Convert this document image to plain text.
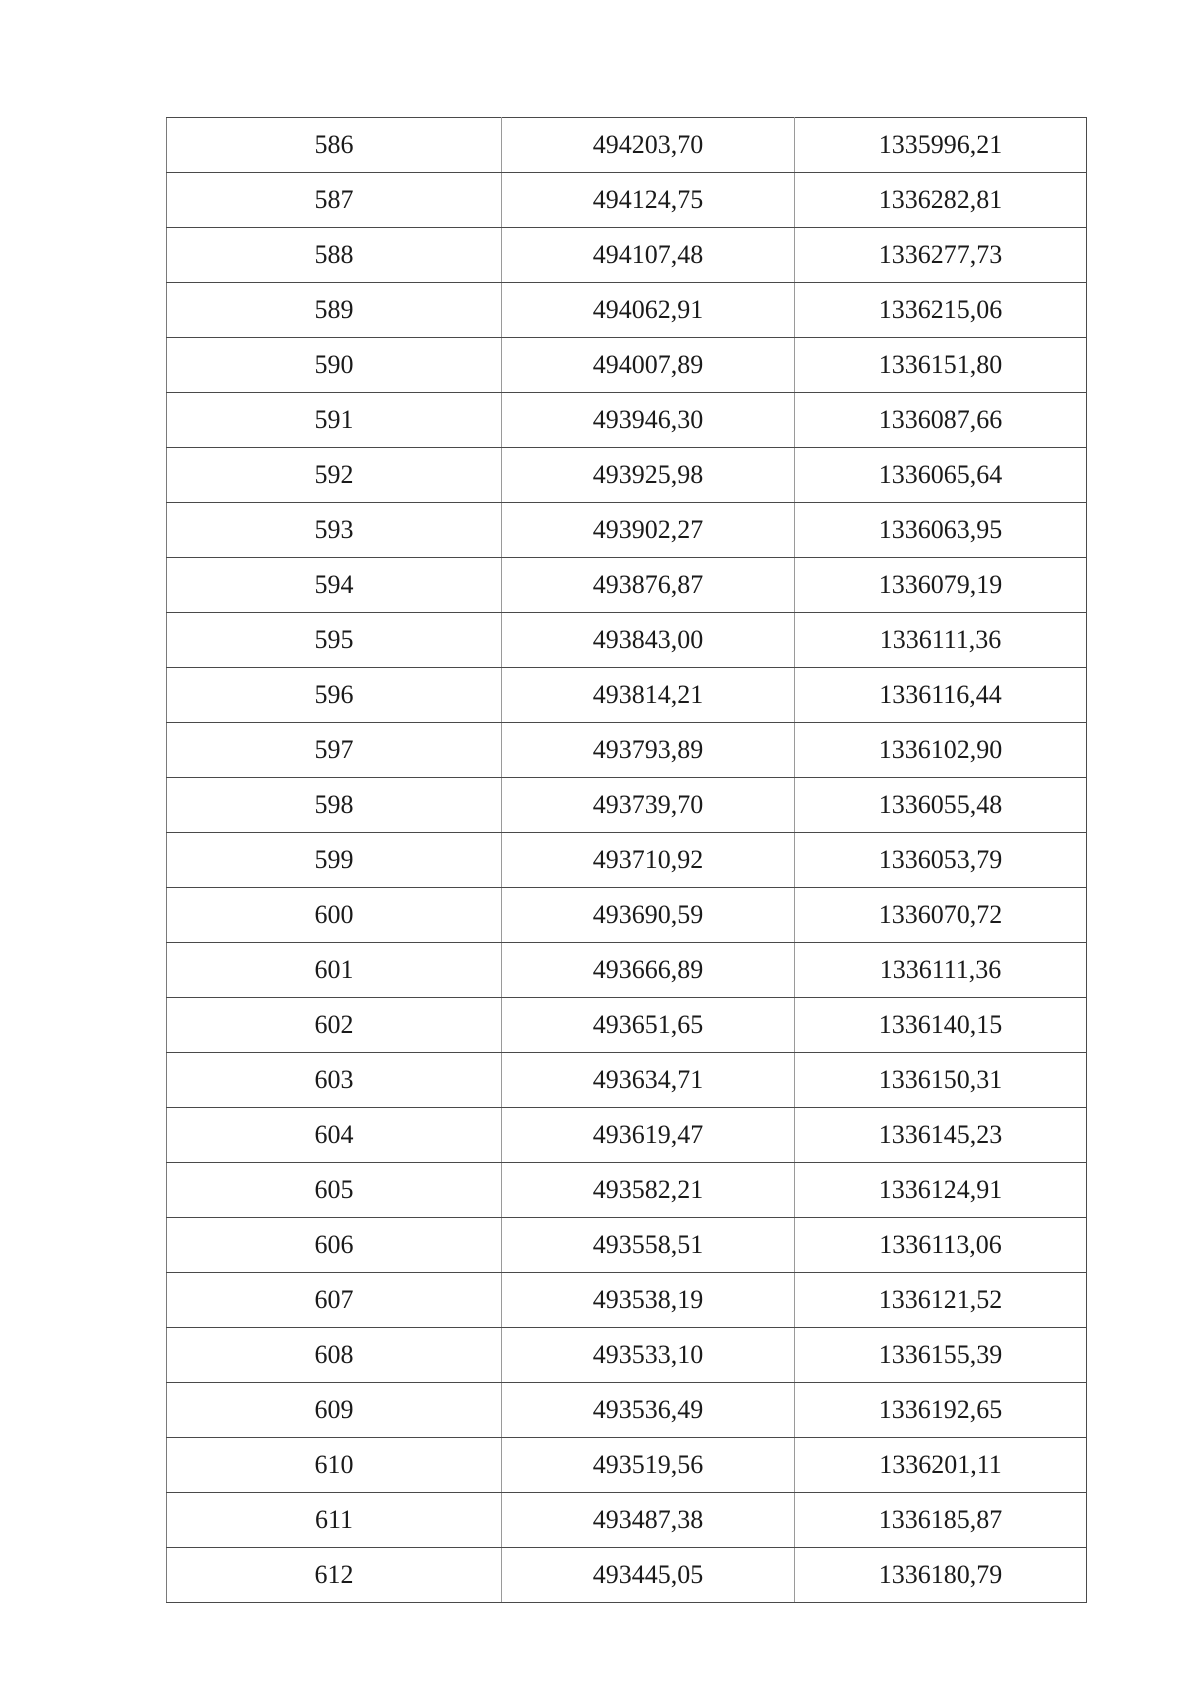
586	494203,70	1335996,21
587	494124,75	1336282,81
588	494107,48	1336277,73
589	494062,91	1336215,06
590	494007,89	1336151,80
591	493946,30	1336087,66
592	493925,98	1336065,64
593	493902,27	1336063,95
594	493876,87	1336079,19
595	493843,00	1336111,36
596	493814,21	1336116,44
597	493793,89	1336102,90
598	493739,70	1336055,48
599	493710,92	1336053,79
600	493690,59	1336070,72
601	493666,89	1336111,36
602	493651,65	1336140,15
603	493634,71	1336150,31
604	493619,47	1336145,23
605	493582,21	1336124,91
606	493558,51	1336113,06
607	493538,19	1336121,52
608	493533,10	1336155,39
609	493536,49	1336192,65
610	493519,56	1336201,11
611	493487,38	1336185,87
612	493445,05	1336180,79
